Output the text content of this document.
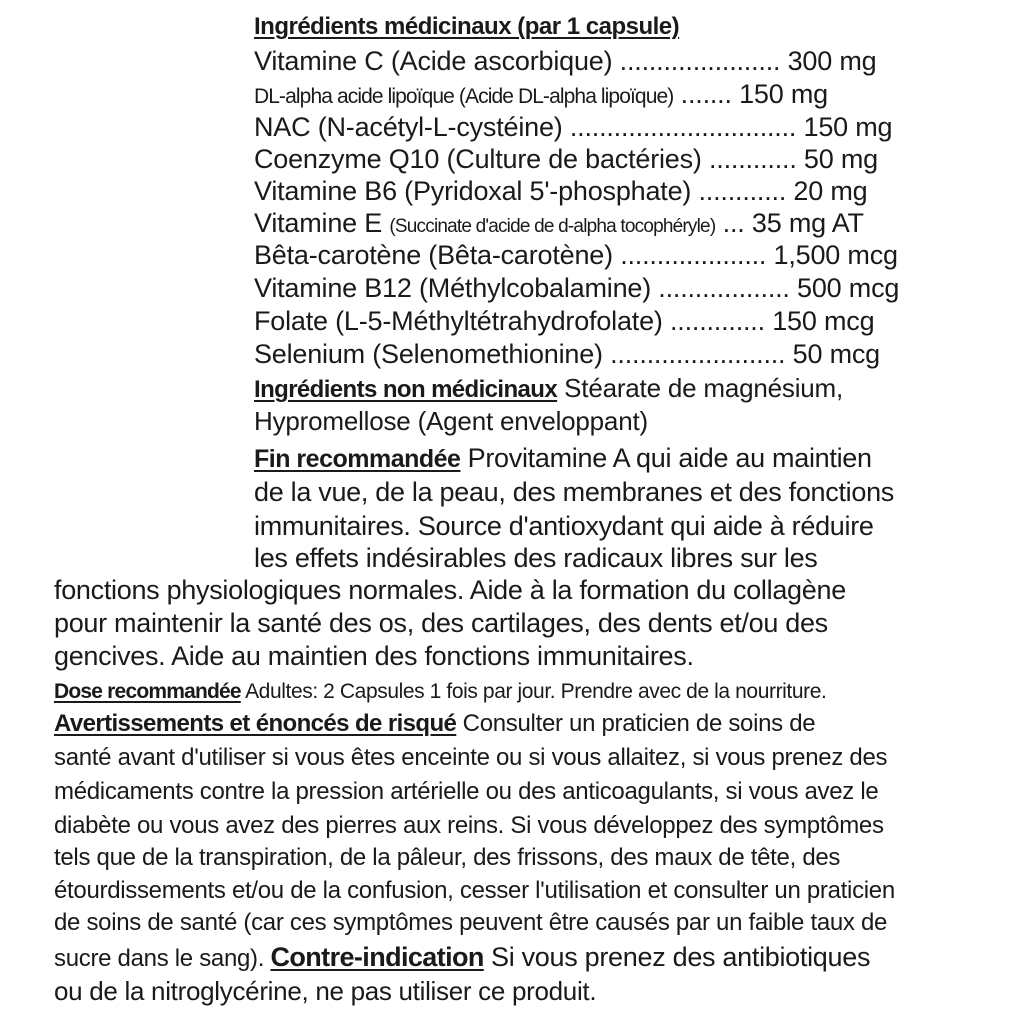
Ingrédients médicinaux (par 1 capsule)
Vitamine C (Acide ascorbique) ...................... 300 mg
DL-alpha acide lipoïque (Acide DL-alpha lipoïque) ....... 150 mg
NAC (N-acétyl-L-cystéine) ............................... 150 mg
Coenzyme Q10 (Culture de bactéries) ............ 50 mg
Vitamine B6 (Pyridoxal 5'-phosphate) ............ 20 mg
Vitamine E (Succinate d'acide de d-alpha tocophéryle) ... 35 mg AT
Bêta-carotène (Bêta-carotène) .................... 1,500 mcg
Vitamine B12 (Méthylcobalamine) .................. 500 mcg
Folate (L-5-Méthyltétrahydrofolate) ............. 150 mcg
Selenium (Selenomethionine) ........................ 50 mcg
Ingrédients non médicinaux Stéarate de magnésium,
Hypromellose (Agent enveloppant)
Fin recommandée Provitamine A qui aide au maintien
de la vue, de la peau, des membranes et des fonctions
immunitaires. Source d'antioxydant qui aide à réduire
les effets indésirables des radicaux libres sur les
fonctions physiologiques normales. Aide à la formation du collagène
pour maintenir la santé des os, des cartilages, des dents et/ou des
gencives. Aide au maintien des fonctions immunitaires.
Dose recommandée Adultes: 2 Capsules 1 fois par jour. Prendre avec de la nourriture.
Avertissements et énoncés de risqué Consulter un praticien de soins de
santé avant d'utiliser si vous êtes enceinte ou si vous allaitez, si vous prenez des
médicaments contre la pression artérielle ou des anticoagulants, si vous avez le
diabète ou vous avez des pierres aux reins. Si vous développez des symptômes
tels que de la transpiration, de la pâleur, des frissons, des maux de tête, des
étourdissements et/ou de la confusion, cesser l'utilisation et consulter un praticien
de soins de santé (car ces symptômes peuvent être causés par un faible taux de
sucre dans le sang). Contre-indication Si vous prenez des antibiotiques
ou de la nitroglycérine, ne pas utiliser ce produit.
